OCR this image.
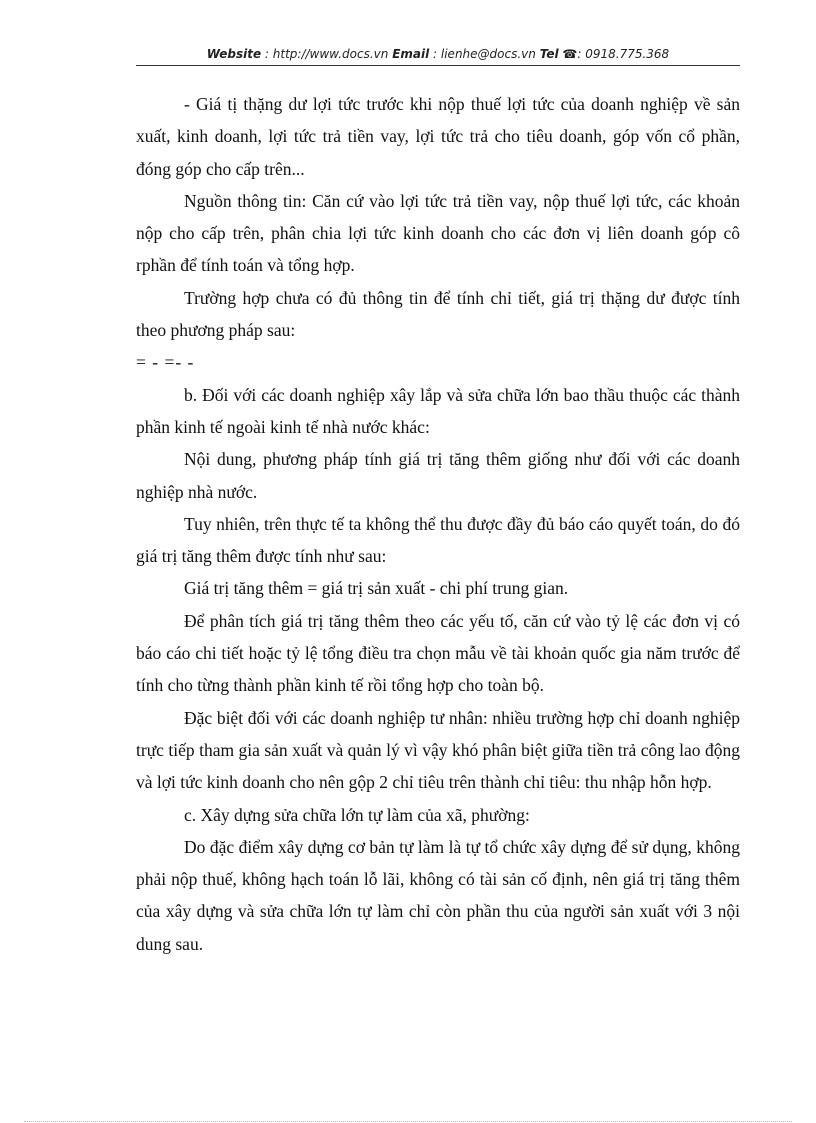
Website : http://www.docs.vn Email : lienhe@docs.vn Tel ☎: 0918.775.368

- Giá tị thặng dư lợi tức trước khi nộp thuế lợi tức của doanh nghiệp về sản xuất, kinh doanh, lợi tức trả tiền vay, lợi tức trả cho tiêu doanh, góp vốn cổ phần, đóng góp cho cấp trên...

Nguồn thông tin: Căn cứ vào lợi tức trả tiền vay, nộp thuế lợi tức, các khoản nộp cho cấp trên, phân chia lợi tức kinh doanh cho các đơn vị liên doanh góp cô rphần để tính toán và tổng hợp.

Trường hợp chưa có đủ thông tin để tính chỉ tiết, giá trị thặng dư được tính theo phương pháp sau:

= - =- -

b. Đối với các doanh nghiệp xây lắp và sửa chữa lớn bao thầu thuộc các thành phần kinh tế ngoài kinh tế nhà nước khác:

Nội dung, phương pháp tính giá trị tăng thêm giống như đối với các doanh nghiệp nhà nước.

Tuy nhiên, trên thực tế ta không thể thu được đầy đủ báo cáo quyết toán, do đó giá trị tăng thêm được tính như sau:

Giá trị tăng thêm = giá trị sản xuất - chi phí trung gian.

Để phân tích giá trị tăng thêm theo các yếu tố, căn cứ vào tỷ lệ các đơn vị có báo cáo chi tiết hoặc tỷ lệ tổng điều tra chọn mẫu về tài khoản quốc gia năm trước để tính cho từng thành phần kinh tế rồi tổng hợp cho toàn bộ.

Đặc biệt đối với các doanh nghiệp tư nhân: nhiều trường hợp chỉ doanh nghiệp trực tiếp tham gia sản xuất và quản lý vì vậy khó phân biệt giữa tiền trả công lao động và lợi tức kinh doanh cho nên gộp 2 chỉ tiêu trên thành chỉ tiêu: thu nhập hỗn hợp.

c. Xây dựng sửa chữa lớn tự làm của xã, phường:

Do đặc điểm xây dựng cơ bản tự làm là tự tổ chức xây dựng để sử dụng, không phải nộp thuế, không hạch toán lỗ lãi, không có tài sản cố định, nên giá trị tăng thêm của xây dựng và sửa chữa lớn tự làm chỉ còn phần thu của người sản xuất với 3 nội dung sau.
